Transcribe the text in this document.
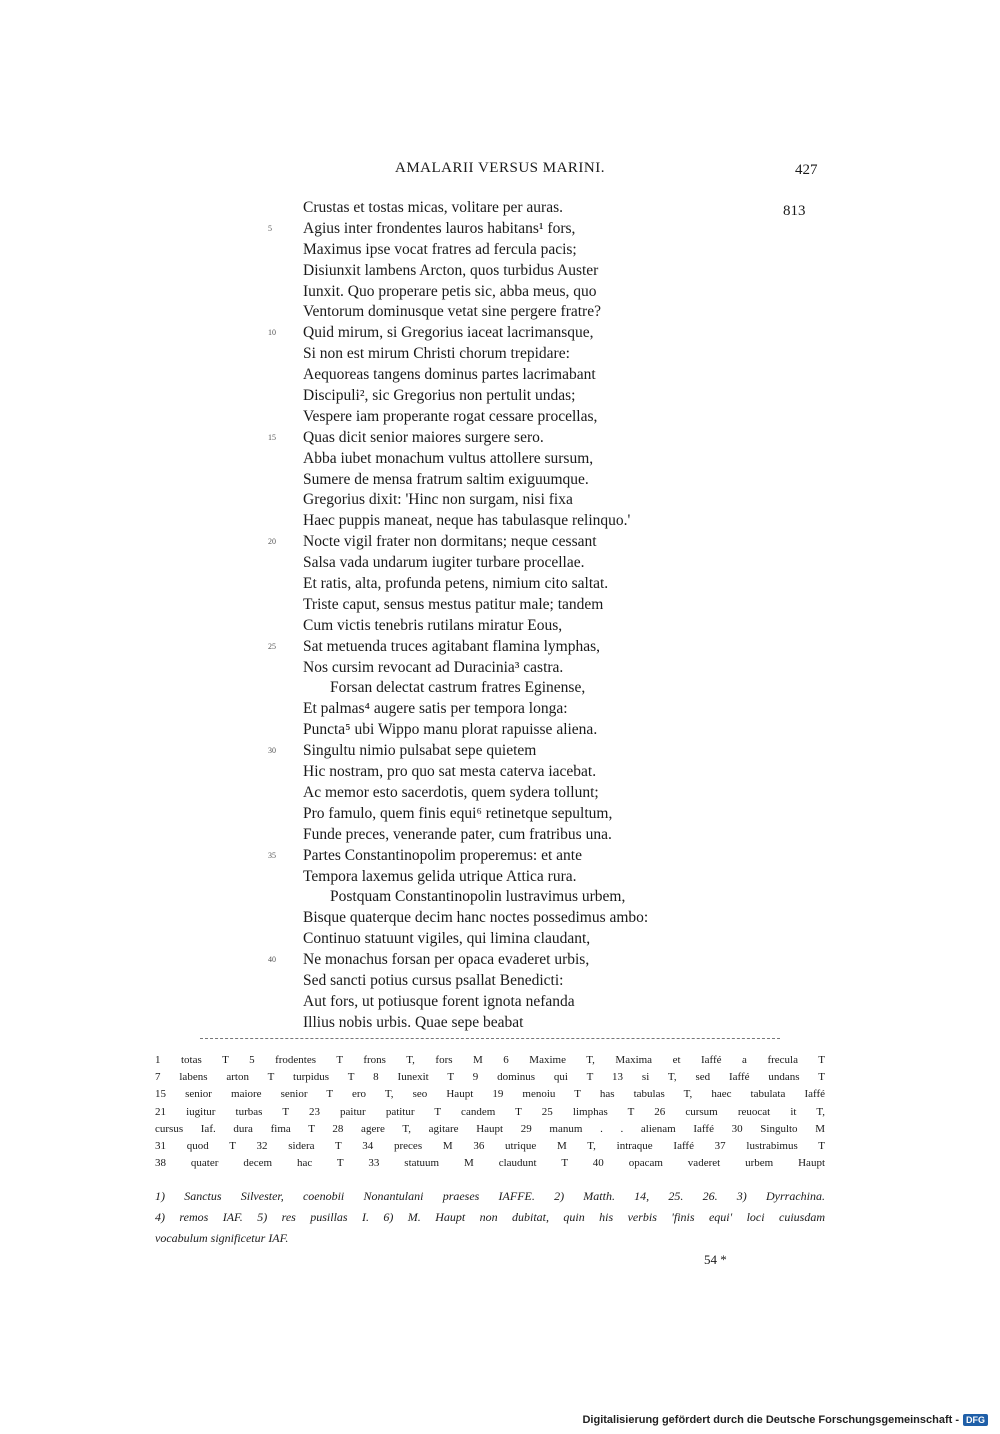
AMALARII VERSUS MARINI.	427
813
Crustas et tostas micas, volitare per auras.
5	Agius inter frondentes lauros habitans¹ fors,
Maximus ipse vocat fratres ad fercula pacis;
Disiunxit lambens Arcton, quos turbidus Auster
Iunxit. Quo properare petis sic, abba meus, quo
Ventorum dominusque vetat sine pergere fratre?
10	Quid mirum, si Gregorius iaceat lacrimansque,
Si non est mirum Christi chorum trepidare:
Aequoreas tangens dominus partes lacrimabant
Discipuli², sic Gregorius non pertulit undas;
Vespere iam properante rogat cessare procellas,
15	Quas dicit senior maiores surgere sero.
Abba iubet monachum vultus attollere sursum,
Sumere de mensa fratrum saltim exiguumque.
Gregorius dixit: 'Hinc non surgam, nisi fixa
Haec puppis maneat, neque has tabulasque relinquo.'
20	Nocte vigil frater non dormitans; neque cessant
Salsa vada undarum iugiter turbare procellae.
Et ratis, alta, profunda petens, nimium cito saltat.
Triste caput, sensus mestus patitur male; tandem
Cum victis tenebris rutilans miratur Eous,
25	Sat metuenda truces agitabant flamina lymphas,
Nos cursim revocant ad Duracinia³ castra.
Forsan delectat castrum fratres Eginense,
Et palmas⁴ augere satis per tempora longa:
Puncta⁵ ubi Wippo manu plorat rapuisse aliena.
30	Singultu nimio pulsabat sepe quietem
Hic nostram, pro quo sat mesta caterva iacebat.
Ac memor esto sacerdotis, quem sydera tollunt;
Pro famulo, quem finis equi⁶ retinetque sepultum,
Funde preces, venerande pater, cum fratribus una.
35	Partes Constantinopolim properemus: et ante
Tempora laxemus gelida utrique Attica rura.
Postquam Constantinopolin lustravimus urbem,
Bisque quaterque decim hanc noctes possedimus ambo:
Continuo statuunt vigiles, qui limina claudant,
40	Ne monachus forsan per opaca evaderet urbis,
Sed sancti potius cursus psallat Benedicti:
Aut fors, ut potiusque forent ignota nefanda
Illius nobis urbis. Quae sepe beabat
1 totas T 5 frodentes T frons T, fors M 6 Maxime T, Maxima et Iaffé a frecula T
7 labens arton T turpidus T 8 Iunexit T 9 dominus qui T 13 si T, sed Iaffé undans T
15 senior maiore senior T ero T, seo Haupt 19 menoiu T has tabulas T, haec tabulata Iaffé
21 iugitur turbas T 23 paitur patitur T candem T 25 limphas T 26 cursum reuocat it T,
cursus Iaf. dura fima T 28 agere T, agitare Haupt 29 manum . . alienam Iaffé 30 Singulto M
31 quod T 32 sidera T 34 preces M 36 utrique M T, intraque Iaffé 37 lustrabimus T
38 quater decem hac T 33 statuum M claudunt T 40 opacam vaderet urbem Haupt
1) Sanctus Silvester, coenobii Nonantulani praeses IAFFE. 2) Matth. 14, 25. 26. 3) Dyrrachina.
4) remos IAF. 5) res pusillas I. 6) M. Haupt non dubitat, quin his verbis 'finis equi' loci cuiusdam
vocabulum significetur IAF.
54 *
Digitalisierung gefördert durch die Deutsche Forschungsgemeinschaft - DFG
